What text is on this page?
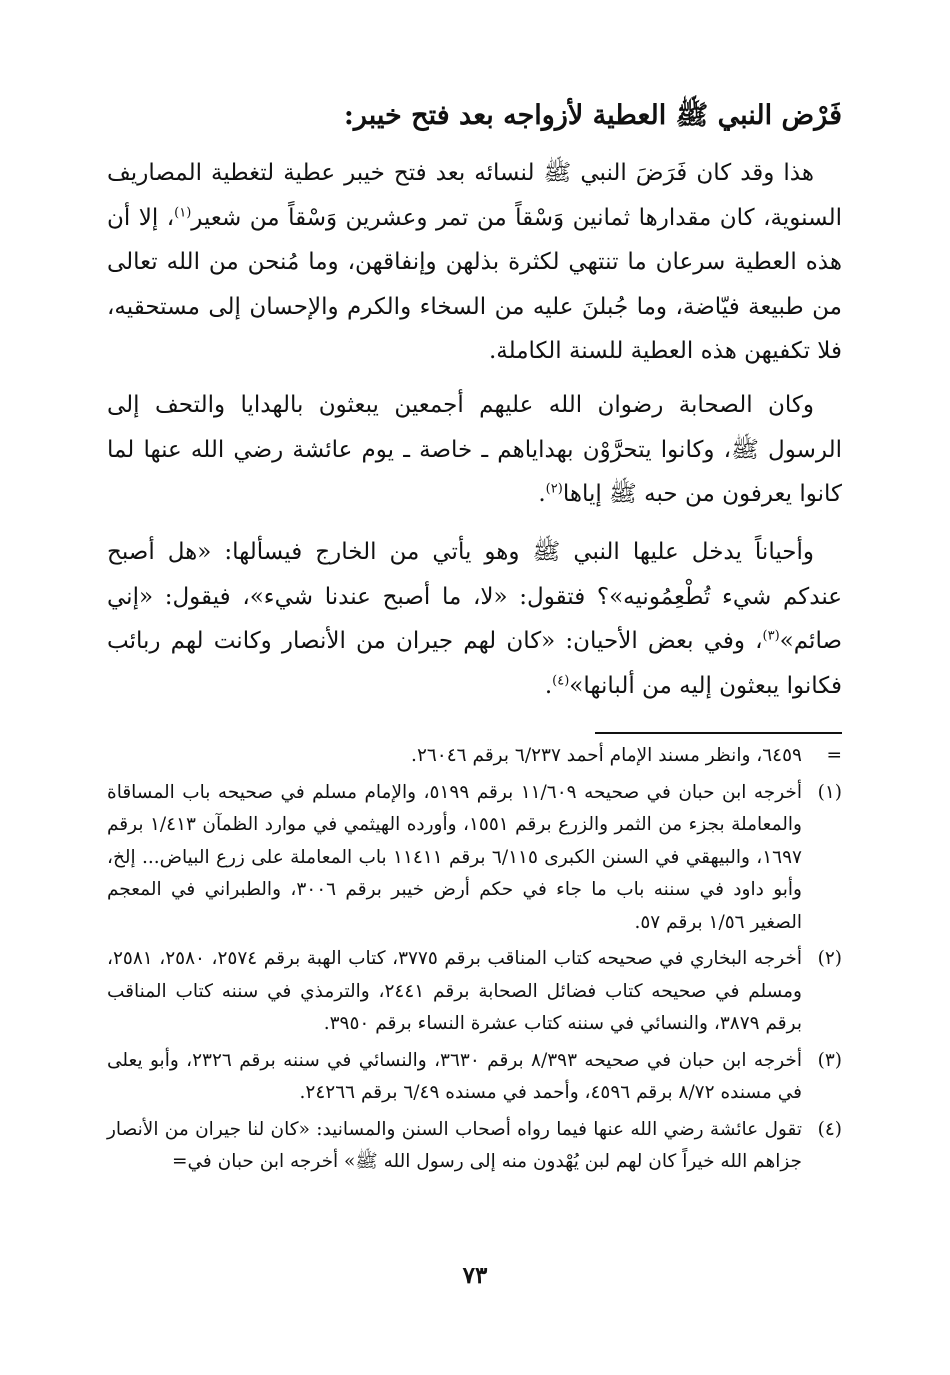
فَرْض النبي ﷺ العطية لأزواجه بعد فتح خيبر:

هذا وقد كان فَرَضَ النبي ﷺ لنسائه بعد فتح خيبر عطية لتغطية المصاريف السنوية، كان مقدارها ثمانين وَسْقاً من تمر وعشرين وَسْقاً من شعير$^{(١)}$، إلا أن هذه العطية سرعان ما تنتهي لكثرة بذلهن وإنفاقهن، وما مُنحن من الله تعالى من طبيعة فيّاضة، وما جُبلنَ عليه من السخاء والكرم والإحسان إلى مستحقيه، فلا تكفيهن هذه العطية للسنة الكاملة.

وكان الصحابة رضوان الله عليهم أجمعين يبعثون بالهدايا والتحف إلى الرسول ﷺ، وكانوا يتحرَّوْن بهداياهم ـ خاصة ـ يوم عائشة رضي الله عنها لما كانوا يعرفون من حبه ﷺ إياها$^{(٢)}$.

وأحياناً يدخل عليها النبي ﷺ وهو يأتي من الخارج فيسألها: «هل أصبح عندكم شيء تُطْعِمُونيه»؟ فتقول: «لا، ما أصبح عندنا شيء»، فيقول: «إني صائم»$^{(٣)}$، وفي بعض الأحيان: «كان لهم جيران من الأنصار وكانت لهم ربائب فكانوا يبعثون إليه من ألبانها»$^{(٤)}$.

=
٦٤٥٩، وانظر مسند الإمام أحمد ٦/٢٣٧ برقم ٢٦٠٤٦.
(١)
أخرجه ابن حبان في صحيحه ١١/٦٠٩ برقم ٥١٩٩، والإمام مسلم في صحيحه باب المساقاة والمعاملة بجزء من الثمر والزرع برقم ١٥٥١، وأورده الهيثمي في موارد الظمآن ١/٤١٣ برقم ١٦٩٧، والبيهقي في السنن الكبرى ٦/١١٥ برقم ١١٤١١ باب المعاملة على زرع البياض... إلخ، وأبو داود في سننه باب ما جاء في حكم أرض خيبر برقم ٣٠٠٦، والطبراني في المعجم الصغير ١/٥٦ برقم ٥٧.
(٢)
أخرجه البخاري في صحيحه كتاب المناقب برقم ٣٧٧٥، كتاب الهبة برقم ٢٥٧٤، ٢٥٨٠، ٢٥٨١، ومسلم في صحيحه كتاب فضائل الصحابة برقم ٢٤٤١، والترمذي في سننه كتاب المناقب برقم ٣٨٧٩، والنسائي في سننه كتاب عشرة النساء برقم ٣٩٥٠.
(٣)
أخرجه ابن حبان في صحيحه ٨/٣٩٣ برقم ٣٦٣٠، والنسائي في سننه برقم ٢٣٢٦، وأبو يعلى في مسنده ٨/٧٢ برقم ٤٥٩٦، وأحمد في مسنده ٦/٤٩ برقم ٢٤٢٦٦.
(٤)
تقول عائشة رضي الله عنها فيما رواه أصحاب السنن والمسانيد: «كان لنا جيران من الأنصار جزاهم الله خيراً كان لهم لبن يُهْدون منه إلى رسول الله ﷺ» أخرجه ابن حبان في=
٧٣
